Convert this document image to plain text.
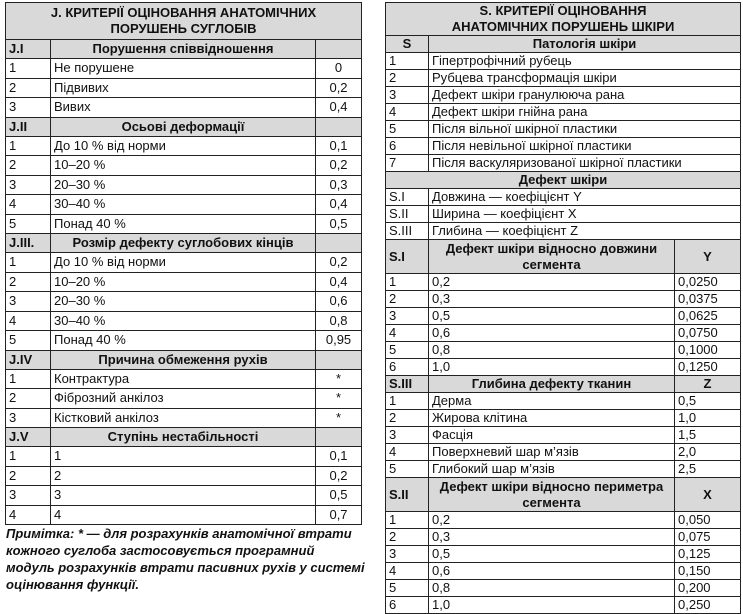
J. КРИТЕРІЇ ОЦІНОВАННЯ АНАТОМІЧНИХ ПОРУШЕНЬ СУГЛОБІВ		
J.I	Порушення співвідношення	
1	Не порушене	0
2	Підвивих	0,2
3	Вивих	0,4
J.II	Осьові деформації	
1	До 10 % від норми	0,1
2	10–20 %	0,2
3	20–30 %	0,3
4	30–40 %	0,4
5	Понад 40 %	0,5
J.III.	Розмір дефекту суглобових кінців	
1	До 10 % від норми	0,2
2	10–20 %	0,4
3	20–30 %	0,6
4	30–40 %	0,8
5	Понад 40 %	0,95
J.IV	Причина обмеження рухів	
1	Контрактура	*
2	Фіброзний анкілоз	*
3	Кістковий анкілоз	*
J.V	Ступінь нестабільності	
1	1	0,1
2	2	0,2
3	3	0,5
4	4	0,7
S. КРИТЕРІЇ ОЦІНОВАННЯ АНАТОМІЧНИХ ПОРУШЕНЬ ШКІРИ		
S	Патологія шкіри	
1	Гіпертрофічний рубець	
2	Рубцева трансформація шкіри	
3	Дефект шкіри гранулююча рана	
4	Дефект шкіри гнійна рана	
5	Після вільної шкірної пластики	
6	Після невільної шкірної пластики	
7	Після васкуляризованої шкірної пластики	
Дефект шкіри		
S.I	Довжина — коефіцієнт Y	
S.II	Ширина — коефіцієнт X	
S.III	Глибина — коефіцієнт Z	
S.I	Дефект шкіри відносно довжини сегмента	Y
1	0,2	0,0250
2	0,3	0,0375
3	0,5	0,0625
4	0,6	0,0750
5	0,8	0,1000
6	1,0	0,1250
S.III	Глибина дефекту тканин	Z
1	Дерма	0,5
2	Жирова клітина	1,0
3	Фасція	1,5
4	Поверхневий шар м’язів	2,0
5	Глибокий шар м’язів	2,5
S.II	Дефект шкіри відносно периметра сегмента	X
1	0,2	0,050
2	0,3	0,075
3	0,5	0,125
4	0,6	0,150
5	0,8	0,200
6	1,0	0,250

Примітка: * — для розрахунків анатомічної втрати кожного суглоба застосовується програмний модуль розрахунків втрати пасивних рухів у системі оцінювання функції.
